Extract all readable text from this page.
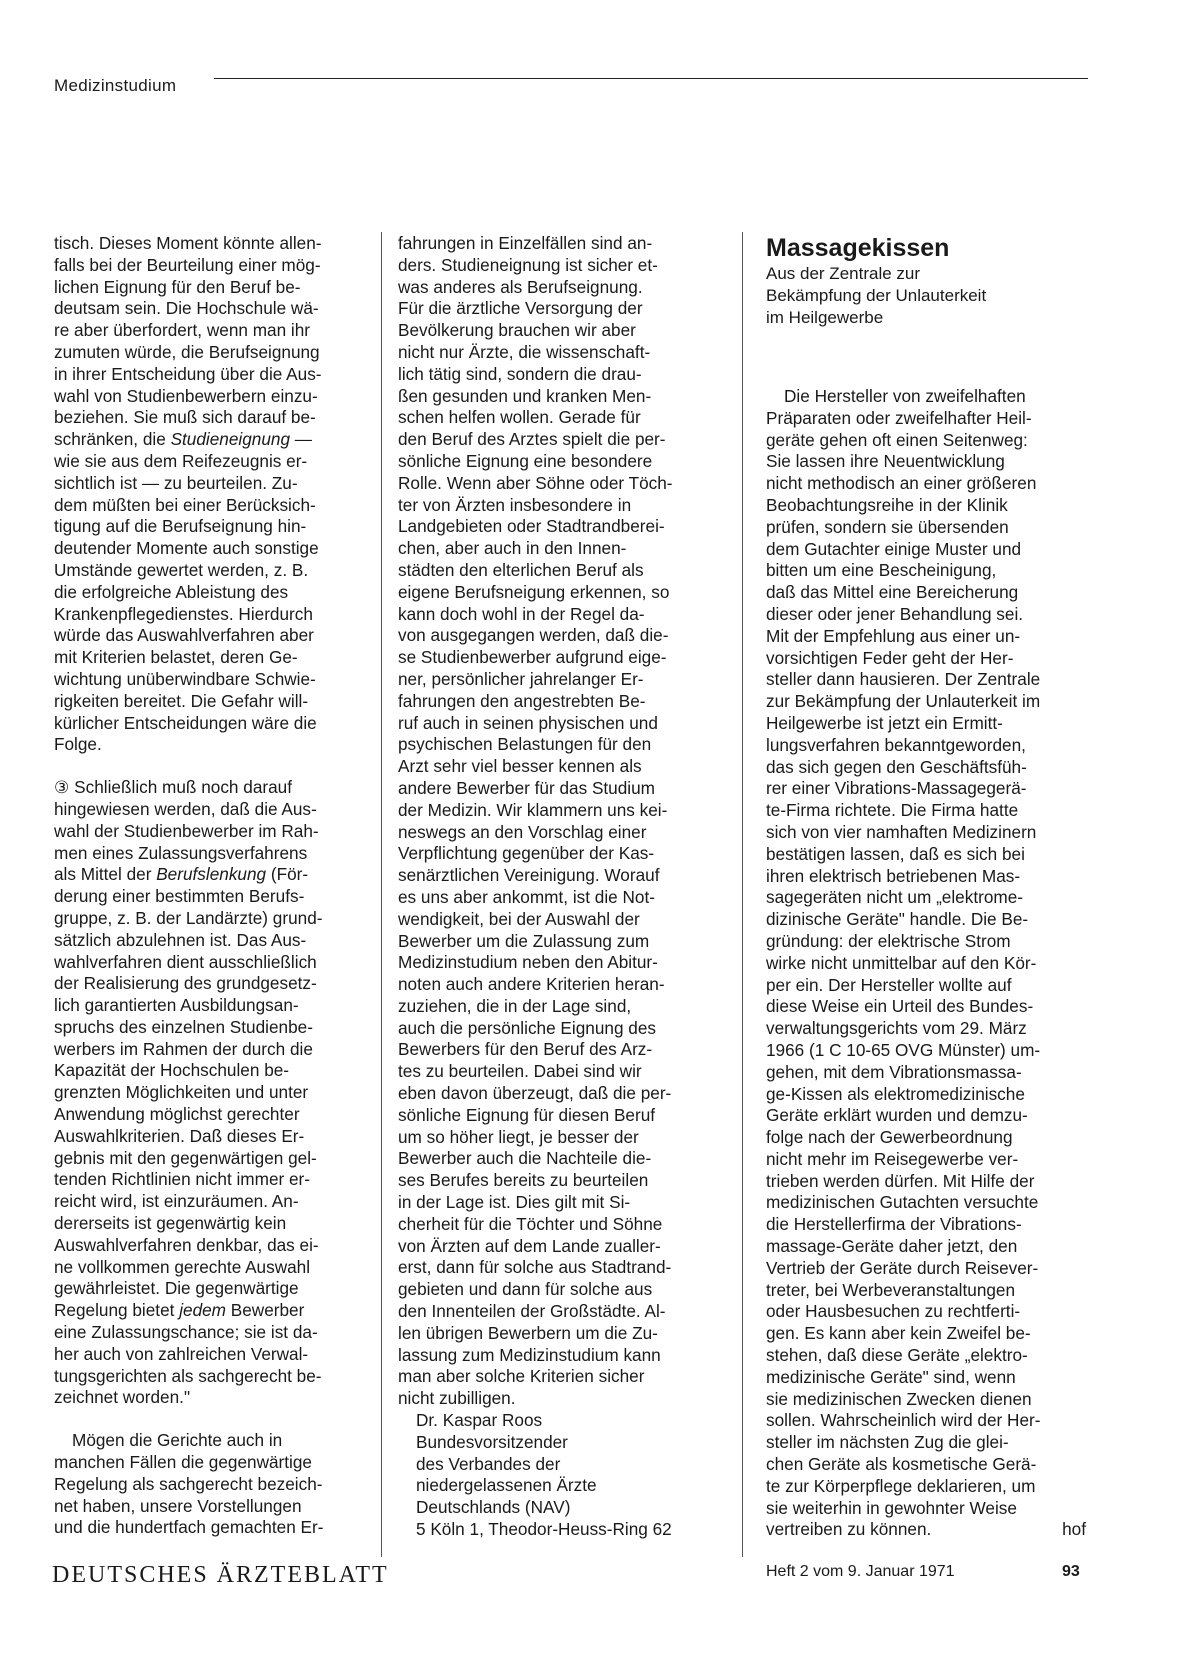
Medizinstudium

tisch. Dieses Moment könnte allen-
falls bei der Beurteilung einer mög-
lichen Eignung für den Beruf be-
deutsam sein. Die Hochschule wä-
re aber überfordert, wenn man ihr
zumuten würde, die Berufseignung
in ihrer Entscheidung über die Aus-
wahl von Studienbewerbern einzu-
beziehen. Sie muß sich darauf be-
schränken, die Studieneignung —
wie sie aus dem Reifezeugnis er-
sichtlich ist — zu beurteilen. Zu-
dem müßten bei einer Berücksich-
tigung auf die Berufseignung hin-
deutender Momente auch sonstige
Umstände gewertet werden, z. B.
die erfolgreiche Ableistung des
Krankenpflegedienstes. Hierdurch
würde das Auswahlverfahren aber
mit Kriterien belastet, deren Ge-
wichtung unüberwindbare Schwie-
rigkeiten bereitet. Die Gefahr will-
kürlicher Entscheidungen wäre die
Folge.

③ Schließlich muß noch darauf
hingewiesen werden, daß die Aus-
wahl der Studienbewerber im Rah-
men eines Zulassungsverfahrens
als Mittel der Berufslenkung (För-
derung einer bestimmten Berufs-
gruppe, z. B. der Landärzte) grund-
sätzlich abzulehnen ist. Das Aus-
wahlverfahren dient ausschließlich
der Realisierung des grundgesetz-
lich garantierten Ausbildungsan-
spruchs des einzelnen Studienbe-
werbers im Rahmen der durch die
Kapazität der Hochschulen be-
grenzten Möglichkeiten und unter
Anwendung möglichst gerechter
Auswahlkriterien. Daß dieses Er-
gebnis mit den gegenwärtigen gel-
tenden Richtlinien nicht immer er-
reicht wird, ist einzuräumen. An-
dererseits ist gegenwärtig kein
Auswahlverfahren denkbar, das ei-
ne vollkommen gerechte Auswahl
gewährleistet. Die gegenwärtige
Regelung bietet jedem Bewerber
eine Zulassungschance; sie ist da-
her auch von zahlreichen Verwal-
tungsgerichten als sachgerecht be-
zeichnet worden."

Mögen die Gerichte auch in
manchen Fällen die gegenwärtige
Regelung als sachgerecht bezeich-
net haben, unsere Vorstellungen
und die hundertfach gemachten Er-

fahrungen in Einzelfällen sind an-
ders. Studieneignung ist sicher et-
was anderes als Berufseignung.
Für die ärztliche Versorgung der
Bevölkerung brauchen wir aber
nicht nur Ärzte, die wissenschaft-
lich tätig sind, sondern die drau-
ßen gesunden und kranken Men-
schen helfen wollen. Gerade für
den Beruf des Arztes spielt die per-
sönliche Eignung eine besondere
Rolle. Wenn aber Söhne oder Töch-
ter von Ärzten insbesondere in
Landgebieten oder Stadtrandberei-
chen, aber auch in den Innen-
städten den elterlichen Beruf als
eigene Berufsneigung erkennen, so
kann doch wohl in der Regel da-
von ausgegangen werden, daß die-
se Studienbewerber aufgrund eige-
ner, persönlicher jahrelanger Er-
fahrungen den angestrebten Be-
ruf auch in seinen physischen und
psychischen Belastungen für den
Arzt sehr viel besser kennen als
andere Bewerber für das Studium
der Medizin. Wir klammern uns kei-
neswegs an den Vorschlag einer
Verpflichtung gegenüber der Kas-
senärztlichen Vereinigung. Worauf
es uns aber ankommt, ist die Not-
wendigkeit, bei der Auswahl der
Bewerber um die Zulassung zum
Medizinstudium neben den Abitur-
noten auch andere Kriterien heran-
zuziehen, die in der Lage sind,
auch die persönliche Eignung des
Bewerbers für den Beruf des Arz-
tes zu beurteilen. Dabei sind wir
eben davon überzeugt, daß die per-
sönliche Eignung für diesen Beruf
um so höher liegt, je besser der
Bewerber auch die Nachteile die-
ses Berufes bereits zu beurteilen
in der Lage ist. Dies gilt mit Si-
cherheit für die Töchter und Söhne
von Ärzten auf dem Lande zualler-
erst, dann für solche aus Stadtrand-
gebieten und dann für solche aus
den Innenteilen der Großstädte. Al-
len übrigen Bewerbern um die Zu-
lassung zum Medizinstudium kann
man aber solche Kriterien sicher
nicht zubilligen.

Dr. Kaspar Roos
Bundesvorsitzender
des Verbandes der
niedergelassenen Ärzte
Deutschlands (NAV)
5 Köln 1, Theodor-Heuss-Ring 62

Massagekissen

Aus der Zentrale zur
Bekämpfung der Unlauterkeit
im Heilgewerbe

Die Hersteller von zweifelhaften
Präparaten oder zweifelhafter Heil-
geräte gehen oft einen Seitenweg:
Sie lassen ihre Neuentwicklung
nicht methodisch an einer größeren
Beobachtungsreihe in der Klinik
prüfen, sondern sie übersenden
dem Gutachter einige Muster und
bitten um eine Bescheinigung,
daß das Mittel eine Bereicherung
dieser oder jener Behandlung sei.
Mit der Empfehlung aus einer un-
vorsichtigen Feder geht der Her-
steller dann hausieren. Der Zentrale
zur Bekämpfung der Unlauterkeit im
Heilgewerbe ist jetzt ein Ermitt-
lungsverfahren bekanntgeworden,
das sich gegen den Geschäftsfüh-
rer einer Vibrations-Massagegerä-
te-Firma richtete. Die Firma hatte
sich von vier namhaften Medizinern
bestätigen lassen, daß es sich bei
ihren elektrisch betriebenen Mas-
sagegeräten nicht um „elektrome-
dizinische Geräte" handle. Die Be-
gründung: der elektrische Strom
wirke nicht unmittelbar auf den Kör-
per ein. Der Hersteller wollte auf
diese Weise ein Urteil des Bundes-
verwaltungsgerichts vom 29. März
1966 (1 C 10-65 OVG Münster) um-
gehen, mit dem Vibrationsmassa-
ge-Kissen als elektromedizinische
Geräte erklärt wurden und demzu-
folge nach der Gewerbeordnung
nicht mehr im Reisegewerbe ver-
trieben werden dürfen. Mit Hilfe der
medizinischen Gutachten versuchte
die Herstellerfirma der Vibrations-
massage-Geräte daher jetzt, den
Vertrieb der Geräte durch Reisever-
treter, bei Werbeveranstaltungen
oder Hausbesuchen zu rechtferti-
gen. Es kann aber kein Zweifel be-
stehen, daß diese Geräte „elektro-
medizinische Geräte" sind, wenn
sie medizinischen Zwecken dienen
sollen. Wahrscheinlich wird der Her-
steller im nächsten Zug die glei-
chen Geräte als kosmetische Gerä-
te zur Körperpflege deklarieren, um
sie weiterhin in gewohnter Weise
vertreiben zu können.	hof
DEUTSCHES ÄRZTEBLATT	Heft 2 vom 9. Januar 1971	93
